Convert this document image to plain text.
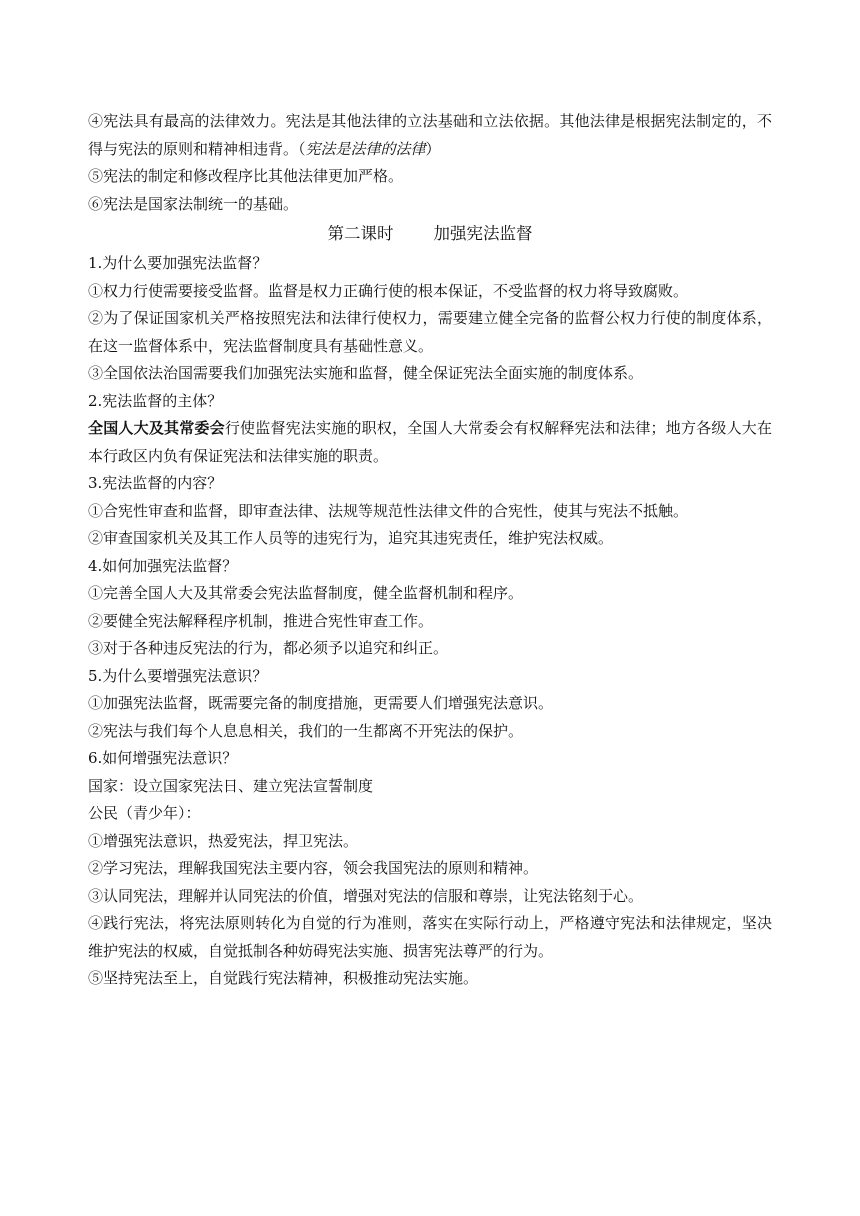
④宪法具有最高的法律效力。宪法是其他法律的立法基础和立法依据。其他法律是根据宪法制定的，不得与宪法的原则和精神相违背。（宪法是法律的法律）

⑤宪法的制定和修改程序比其他法律更加严格。

⑥宪法是国家法制统一的基础。

第二课时 加强宪法监督

1.为什么要加强宪法监督？

①权力行使需要接受监督。监督是权力正确行使的根本保证，不受监督的权力将导致腐败。

②为了保证国家机关严格按照宪法和法律行使权力，需要建立健全完备的监督公权力行使的制度体系，在这一监督体系中，宪法监督制度具有基础性意义。

③全国依法治国需要我们加强宪法实施和监督，健全保证宪法全面实施的制度体系。

2.宪法监督的主体？

全国人大及其常委会行使监督宪法实施的职权，全国人大常委会有权解释宪法和法律；地方各级人大在本行政区内负有保证宪法和法律实施的职责。

3.宪法监督的内容？

①合宪性审查和监督，即审查法律、法规等规范性法律文件的合宪性，使其与宪法不抵触。

②审查国家机关及其工作人员等的违宪行为，追究其违宪责任，维护宪法权威。

4.如何加强宪法监督？

①完善全国人大及其常委会宪法监督制度，健全监督机制和程序。

②要健全宪法解释程序机制，推进合宪性审查工作。

③对于各种违反宪法的行为，都必须予以追究和纠正。

5.为什么要增强宪法意识？

①加强宪法监督，既需要完备的制度措施，更需要人们增强宪法意识。

②宪法与我们每个人息息相关，我们的一生都离不开宪法的保护。

6.如何增强宪法意识？

国家：设立国家宪法日、建立宪法宣誓制度

公民（青少年）：

①增强宪法意识，热爱宪法，捍卫宪法。

②学习宪法，理解我国宪法主要内容，领会我国宪法的原则和精神。

③认同宪法，理解并认同宪法的价值，增强对宪法的信服和尊崇，让宪法铭刻于心。

④践行宪法，将宪法原则转化为自觉的行为准则，落实在实际行动上，严格遵守宪法和法律规定，坚决维护宪法的权威，自觉抵制各种妨碍宪法实施、损害宪法尊严的行为。

⑤坚持宪法至上，自觉践行宪法精神，积极推动宪法实施。
